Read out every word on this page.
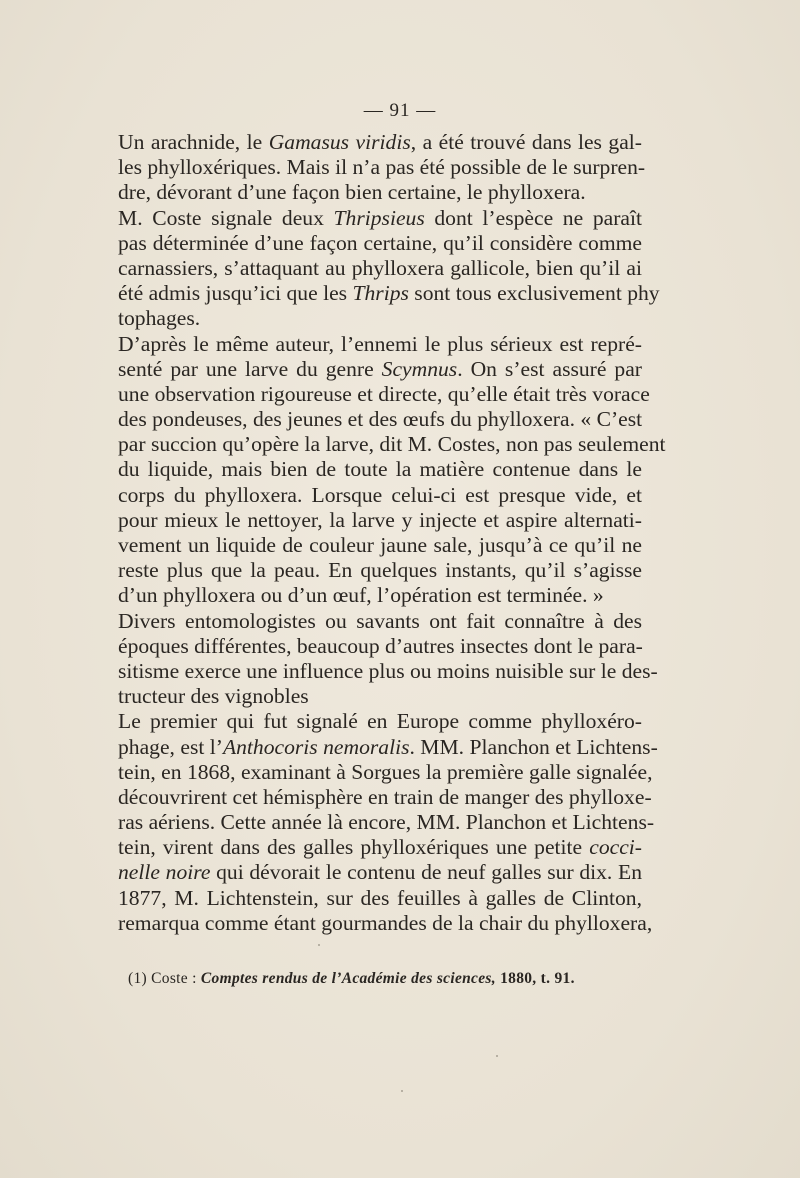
— 91 —
Un arachnide, le Gamasus viridis, a été trouvé dans les gal-
les phylloxériques. Mais il n’a pas été possible de le surpren-
dre, dévorant d’une façon bien certaine, le phylloxera.
M. Coste signale deux Thripsieus dont l’espèce ne paraît
pas déterminée d’une façon certaine, qu’il considère comme
carnassiers, s’attaquant au phylloxera gallicole, bien qu’il ai
été admis jusqu’ici que les Thrips sont tous exclusivement phy
tophages.
D’après le même auteur, l’ennemi le plus sérieux est repré-
senté par une larve du genre Scymnus. On s’est assuré par
une observation rigoureuse et directe, qu’elle était très vorace
des pondeuses, des jeunes et des œufs du phylloxera. « C’est
par succion qu’opère la larve, dit M. Costes, non pas seulement
du liquide, mais bien de toute la matière contenue dans le
corps du phylloxera. Lorsque celui-ci est presque vide, et
pour mieux le nettoyer, la larve y injecte et aspire alternati-
vement un liquide de couleur jaune sale, jusqu’à ce qu’il ne
reste plus que la peau. En quelques instants, qu’il s’agisse
d’un phylloxera ou d’un œuf, l’opération est terminée. »
Divers entomologistes ou savants ont fait connaître à des
époques différentes, beaucoup d’autres insectes dont le para-
sitisme exerce une influence plus ou moins nuisible sur le des-
tructeur des vignobles
Le premier qui fut signalé en Europe comme phylloxéro-
phage, est l’Anthocoris nemoralis. MM. Planchon et Lichtens-
tein, en 1868, examinant à Sorgues la première galle signalée,
découvrirent cet hémisphère en train de manger des phylloxe-
ras aériens. Cette année là encore, MM. Planchon et Lichtens-
tein, virent dans des galles phylloxériques une petite cocci-
nelle noire qui dévorait le contenu de neuf galles sur dix. En
1877, M. Lichtenstein, sur des feuilles à galles de Clinton,
remarqua comme étant gourmandes de la chair du phylloxera,
(1) Coste : Comptes rendus de l’Académie des sciences, 1880, t. 91.
